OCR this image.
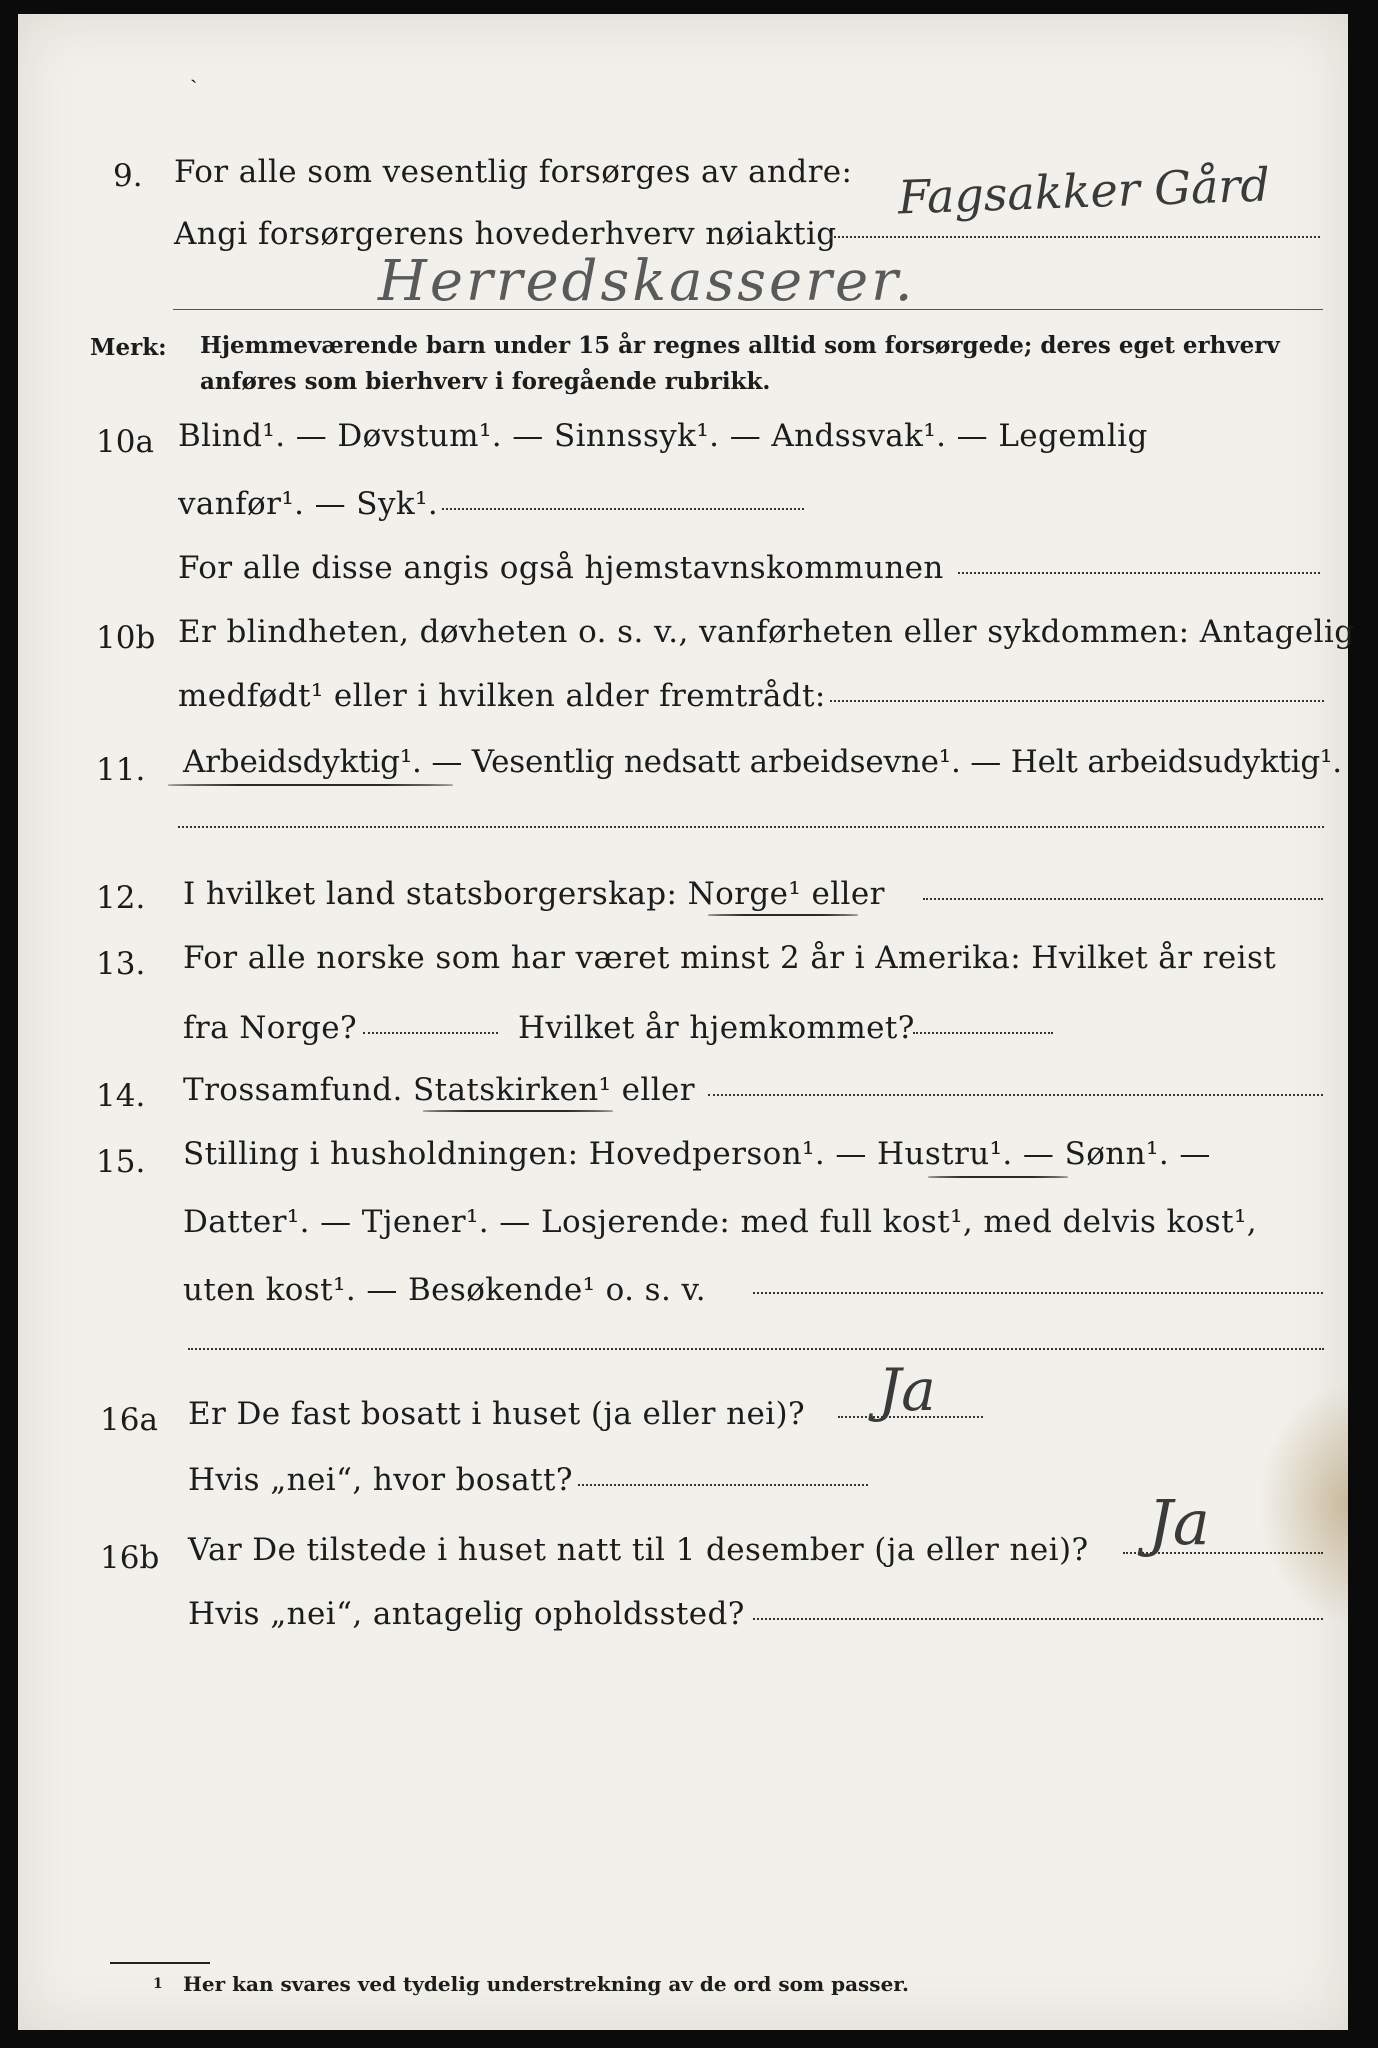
ˎ
9. For alle som vesentlig forsørges av andre:
Angi forsørgerens hovederhverv nøiaktig
Fagsakker Gård
Herredskasserer.
Merk: Hjemmeværende barn under 15 år regnes alltid som forsørgede; deres eget erhverv
anføres som bierhverv i foregående rubrikk.
10a Blind¹. — Døvstum¹. — Sinnssyk¹. — Andssvak¹. — Legemlig
vanfør¹. — Syk¹.
For alle disse angis også hjemstavnskommunen
10b Er blindheten, døvheten o. s. v., vanførheten eller sykdommen: Antagelig
medfødt¹ eller i hvilken alder fremtrådt:
11. Arbeidsdyktig¹. — Vesentlig nedsatt arbeidsevne¹. — Helt arbeidsudyktig¹.
12. I hvilket land statsborgerskap: Norge¹ eller
13. For alle norske som har været minst 2 år i Amerika: Hvilket år reist
fra Norge?	Hvilket år hjemkommet?
14. Trossamfund. Statskirken¹ eller
15. Stilling i husholdningen: Hovedperson¹. — Hustru¹. — Sønn¹. —
Datter¹. — Tjener¹. — Losjerende: med full kost¹, med delvis kost¹,
uten kost¹. — Besøkende¹ o. s. v.
16a Er De fast bosatt i huset (ja eller nei)? Ja
Hvis „nei“, hvor bosatt?
16b Var De tilstede i huset natt til 1 desember (ja eller nei)? Ja
Hvis „nei“, antagelig opholdssted?
1 Her kan svares ved tydelig understrekning av de ord som passer.
